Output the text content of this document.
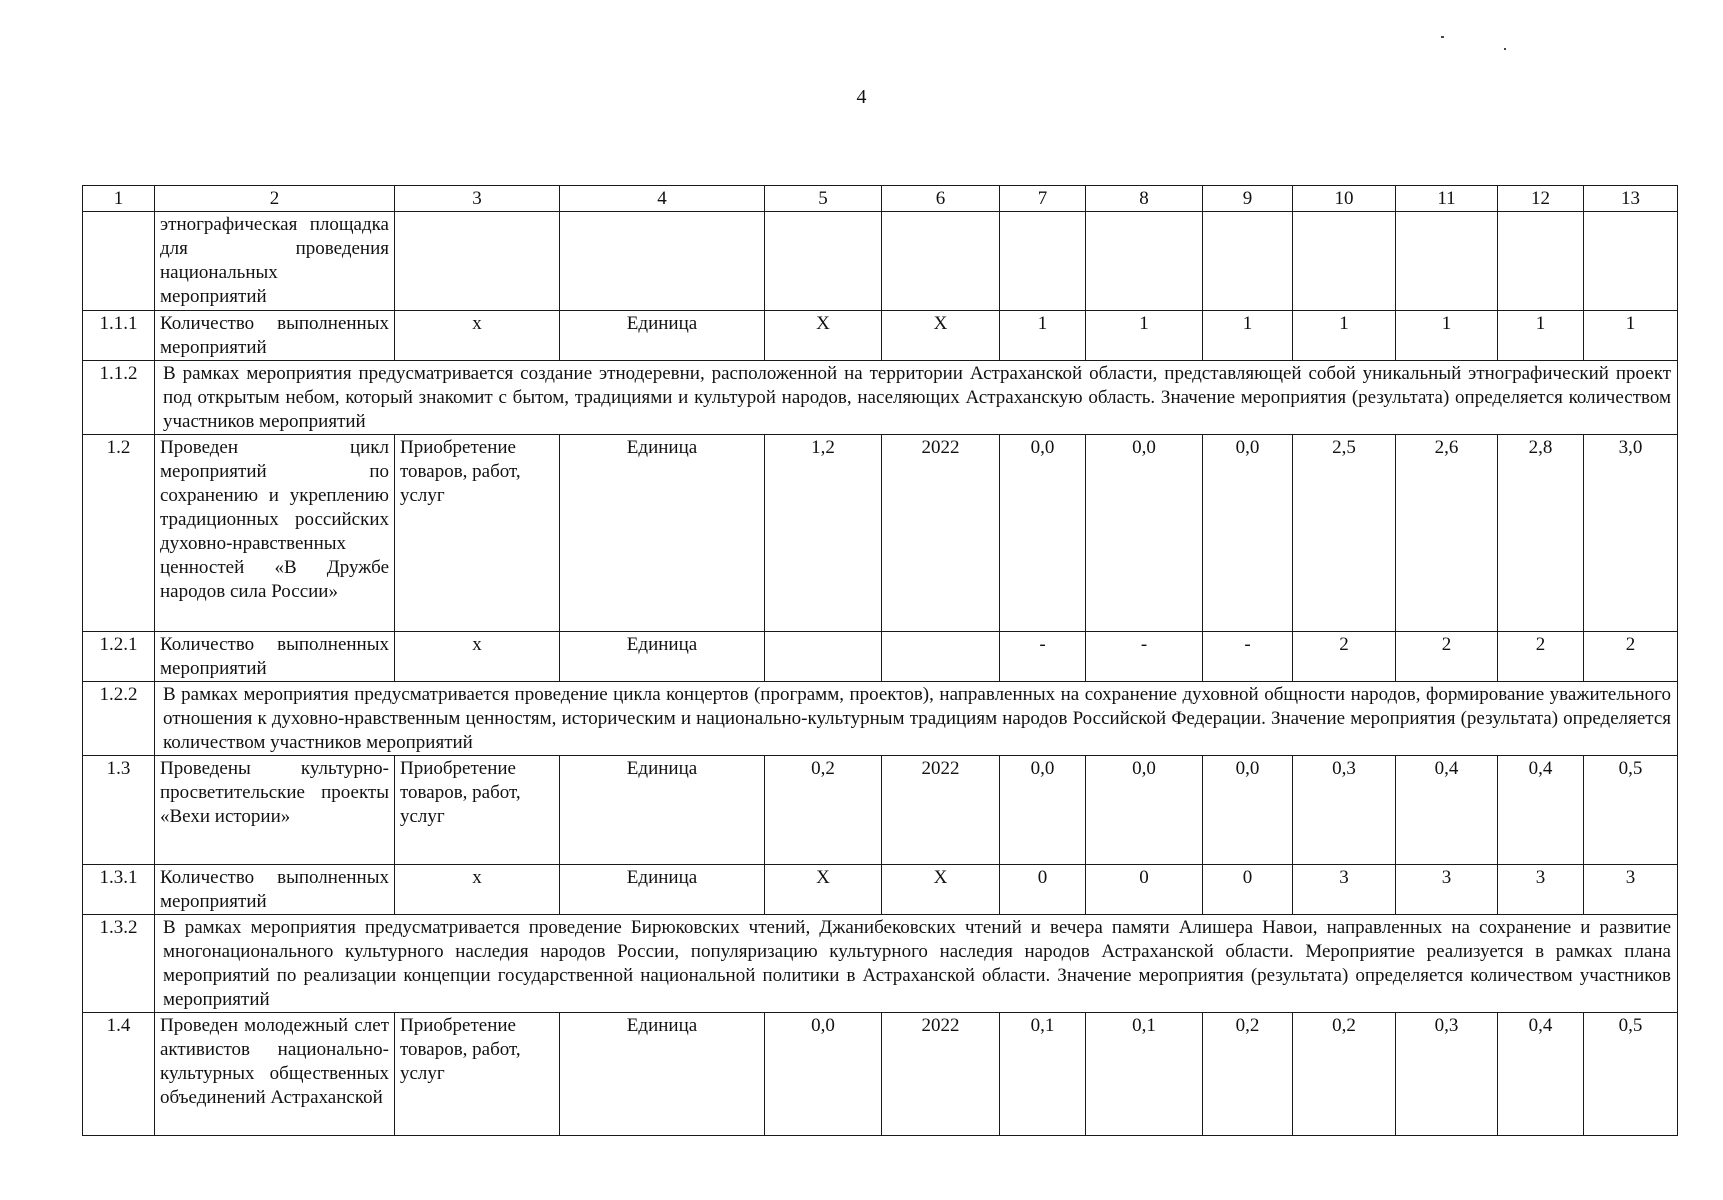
4
1	2	3	4	5	6	7	8	9	10	11	12	13
	этнографическая площадка для проведения национальных мероприятий											
1.1.1	Количество выполненных мероприятий	х	Единица	Х	Х	1	1	1	1	1	1	1
1.1.2	В рамках мероприятия предусматривается создание этнодеревни, расположенной на территории Астраханской области, представляющей собой уникальный этнографический проект под открытым небом, который знакомит с бытом, традициями и культурой народов, населяющих Астраханскую область. Значение мероприятия (результата) определяется количеством участников мероприятий											
1.2	Проведен цикл мероприятий по сохранению и укреплению традиционных российских духовно-нравственных ценностей «В Дружбе народов сила России»	Приобретение товаров, работ, услуг	Единица	1,2	2022	0,0	0,0	0,0	2,5	2,6	2,8	3,0
1.2.1	Количество выполненных мероприятий	х	Единица			-	-	-	2	2	2	2
1.2.2	В рамках мероприятия предусматривается проведение цикла концертов (программ, проектов), направленных на сохранение духовной общности народов, формирование уважительного отношения к духовно-нравственным ценностям, историческим и национально-культурным традициям народов Российской Федерации. Значение мероприятия (результата) определяется количеством участников мероприятий											
1.3	Проведены культурно-просветительские проекты «Вехи истории»	Приобретение товаров, работ, услуг	Единица	0,2	2022	0,0	0,0	0,0	0,3	0,4	0,4	0,5
1.3.1	Количество выполненных мероприятий	х	Единица	Х	Х	0	0	0	3	3	3	3
1.3.2	В рамках мероприятия предусматривается проведение Бирюковских чтений, Джанибековских чтений и вечера памяти Алишера Навои, направленных на сохранение и развитие многонационального культурного наследия народов России, популяризацию культурного наследия народов Астраханской области. Мероприятие реализуется в рамках плана мероприятий по реализации концепции государственной национальной политики в Астраханской области. Значение мероприятия (результата) определяется количеством участников мероприятий											
1.4	Проведен молодежный слет активистов национально-культурных общественных объединений Астраханской	Приобретение товаров, работ, услуг	Единица	0,0	2022	0,1	0,1	0,2	0,2	0,3	0,4	0,5
